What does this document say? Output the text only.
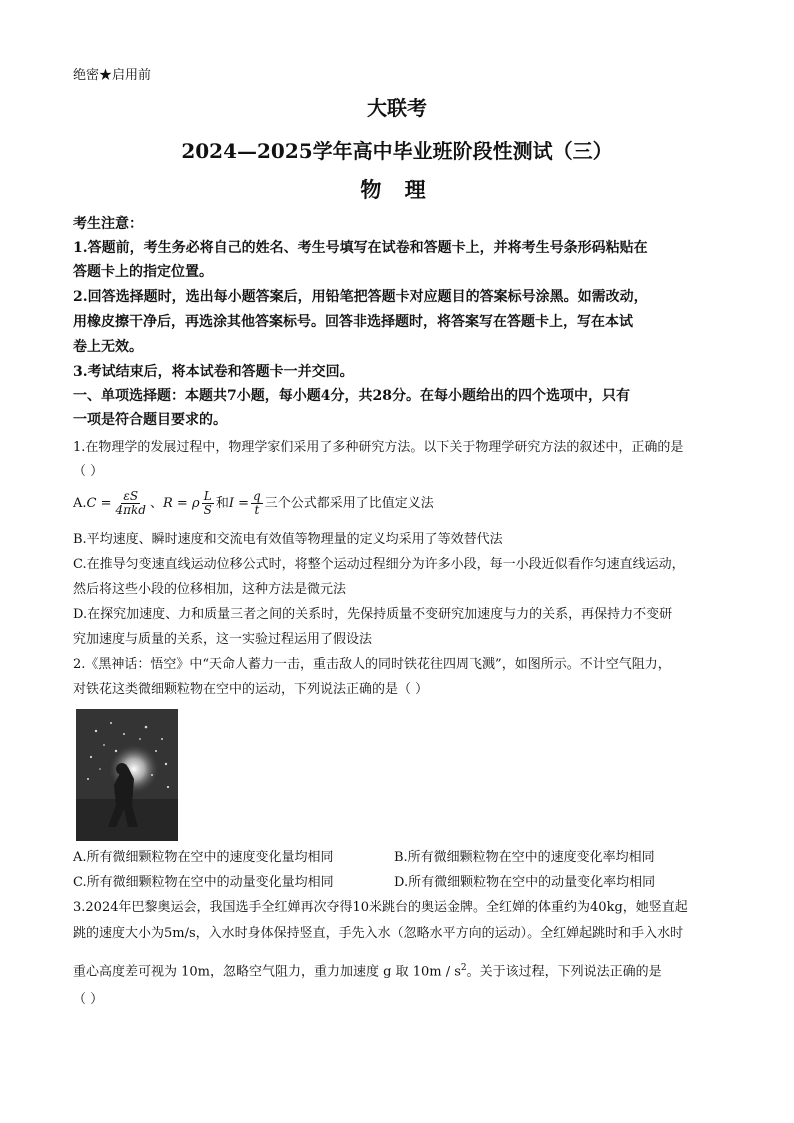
绝密★启用前
大联考
2024—2025学年高中毕业班阶段性测试（三）
物 理
考生注意：
1.答题前，考生务必将自己的姓名、考生号填写在试卷和答题卡上，并将考生号条形码粘贴在
答题卡上的指定位置。
2.回答选择题时，选出每小题答案后，用铅笔把答题卡对应题目的答案标号涂黑。如需改动，
用橡皮擦干净后，再选涂其他答案标号。回答非选择题时，将答案写在答题卡上，写在本试
卷上无效。
3.考试结束后，将本试卷和答题卡一并交回。
一、单项选择题：本题共7小题，每小题4分，共28分。在每小题给出的四个选项中，只有
一项是符合题目要求的。
1.在物理学的发展过程中，物理学家们采用了多种研究方法。以下关于物理学研究方法的叙述中，正确的是
（ ）
$A.C = \frac{\varepsilon S}{\text{4πkd}}$ 、R = ρ $\frac{L}{S}$ 和$I = \frac{q}{t}$ 三个公式都采用了比值定义法
B.平均速度、瞬时速度和交流电有效值等物理量的定义均采用了等效替代法
C.在推导匀变速直线运动位移公式时，将整个运动过程细分为许多小段，每一小段近似看作匀速直线运动，
然后将这些小段的位移相加，这种方法是微元法
D.在探究加速度、力和质量三者之间的关系时，先保持质量不变研究加速度与力的关系，再保持力不变研
究加速度与质量的关系，这一实验过程运用了假设法
2.《黑神话：悟空》中“天命人蓄力一击，重击敌人的同时铁花往四周飞溅”，如图所示。不计空气阻力，
对铁花这类微细颗粒物在空中的运动，下列说法正确的是（ ）
A.所有微细颗粒物在空中的速度变化量均相同	B.所有微细颗粒物在空中的速度变化率均相同
C.所有微细颗粒物在空中的动量变化量均相同	D.所有微细颗粒物在空中的动量变化率均相同
3.2024年巴黎奥运会，我国选手全红婵再次夺得10米跳台的奥运金牌。全红婵的体重约为40kg，她竖直起
跳的速度大小为5m/s，入水时身体保持竖直，手先入水（忽略水平方向的运动）。全红婵起跳时和手入水时
重心高度差可视为 10m，忽略空气阻力，重力加速度 g 取 $10m / s^2$。关于该过程，下列说法正确的是
（ ）
